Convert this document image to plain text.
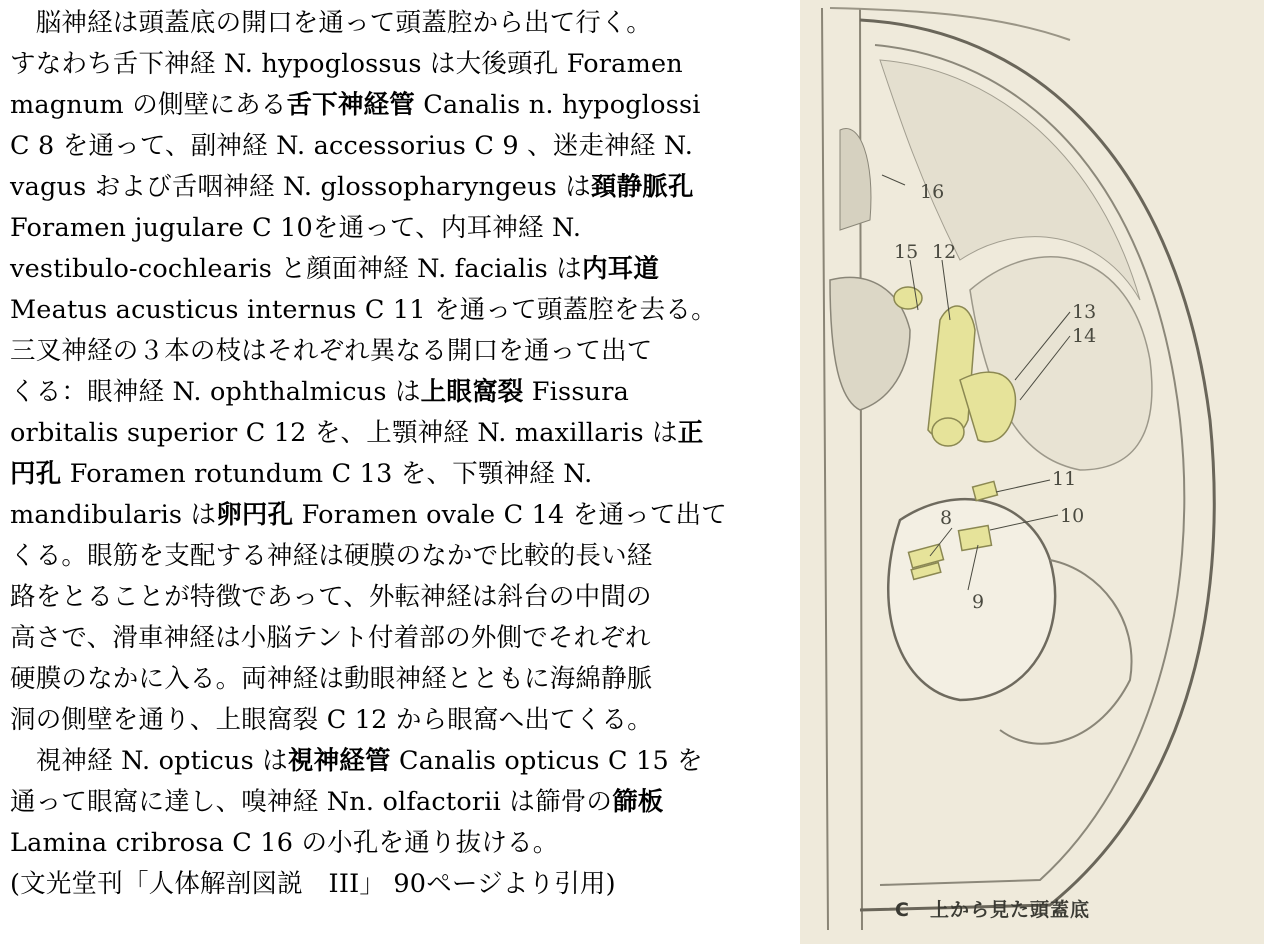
　脳神経は頭蓋底の開口を通って頭蓋腔から出て行く。
すなわち舌下神経 N. hypoglossus は大後頭孔 Foramen
magnum の側壁にある舌下神経管 Canalis n. hypoglossi
C 8 を通って、副神経 N. accessorius C 9 、迷走神経 N.
vagus および舌咽神経 N. glossopharyngeus は頚静脈孔
Foramen jugulare C 10を通って、内耳神経 N.
vestibulo-cochlearis と顔面神経 N. facialis は内耳道
Meatus acusticus internus C 11 を通って頭蓋腔を去る。
三叉神経の３本の枝はそれぞれ異なる開口を通って出て
くる：眼神経 N. ophthalmicus は上眼窩裂 Fissura
orbitalis superior C 12 を、上顎神経 N. maxillaris は正
円孔 Foramen rotundum C 13 を、下顎神経 N.
mandibularis は卵円孔 Foramen ovale C 14 を通って出て
くる。眼筋を支配する神経は硬膜のなかで比較的長い経
路をとることが特徴であって、外転神経は斜台の中間の
高さで、滑車神経は小脳テント付着部の外側でそれぞれ
硬膜のなかに入る。両神経は動眼神経とともに海綿静脈
洞の側壁を通り、上眼窩裂 C 12 から眼窩へ出てくる。
　視神経 N. opticus は視神経管 Canalis opticus C 15 を
通って眼窩に達し、嗅神経 Nn. olfactorii は篩骨の篩板
Lamina cribrosa C 16 の小孔を通り抜ける。
(文光堂刊「人体解剖図説　III」 90ページより引用)
16
15 12
13
14
11
10
8
9
C　上から見た頭蓋底
